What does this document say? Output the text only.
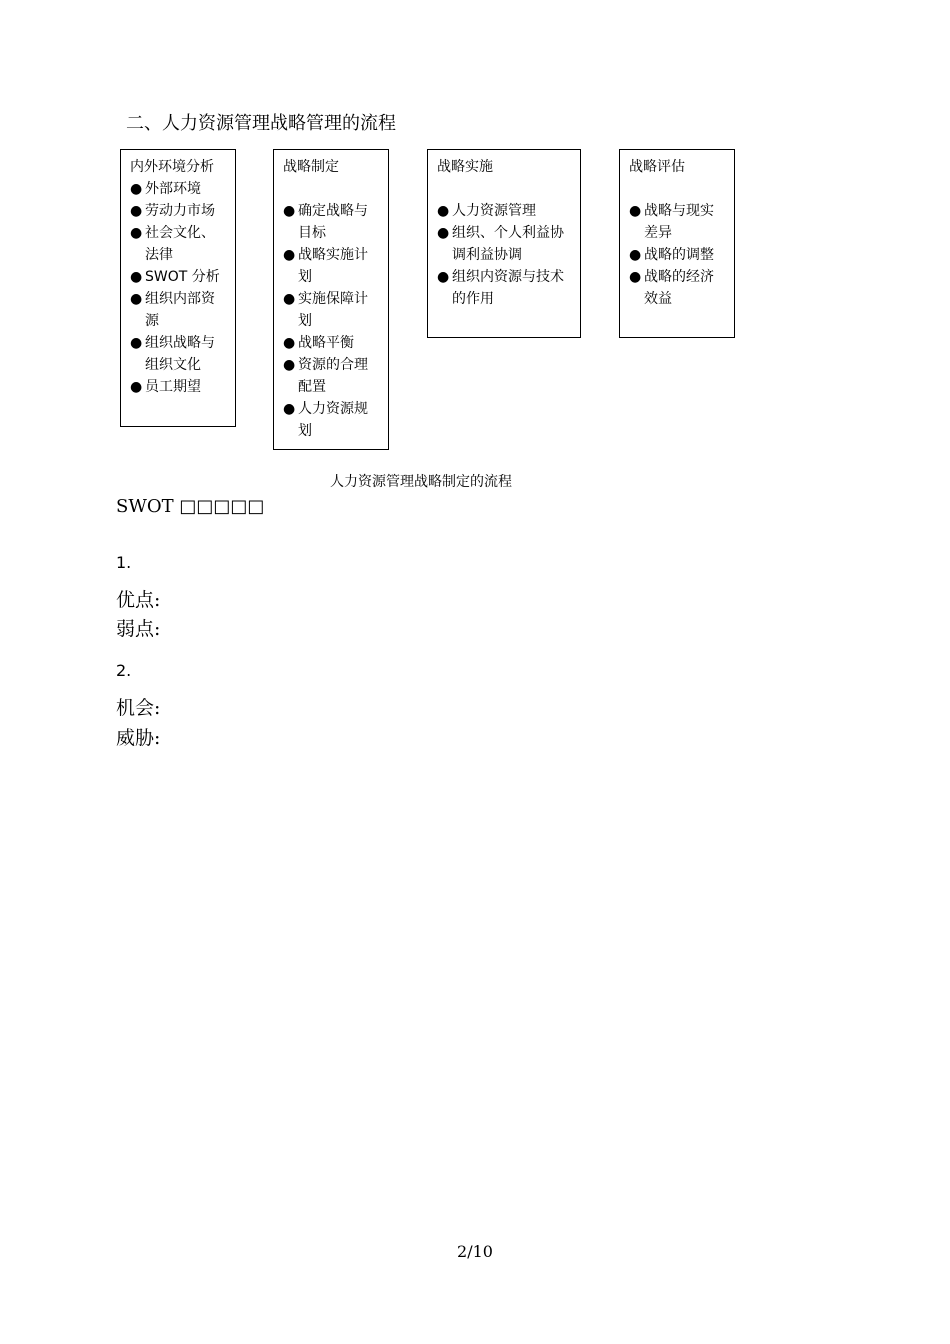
二、人力资源管理战略管理的流程
内外环境分析
● 外部环境
● 劳动力市场
● 社会文化、法律
● SWOT 分析
● 组织内部资源
● 组织战略与组织文化
● 员工期望
战略制定
● 确定战略与目标
● 战略实施计划
● 实施保障计划
● 战略平衡
● 资源的合理配置
● 人力资源规划
战略实施
● 人力资源管理
● 组织、个人利益协调利益协调
● 组织内资源与技术的作用
战略评估
● 战略与现实差异
● 战略的调整
● 战略的经济效益
人力资源管理战略制定的流程
SWOT □□□□□
1.
优点:
弱点:
2.
机会:
威胁:
2/10
